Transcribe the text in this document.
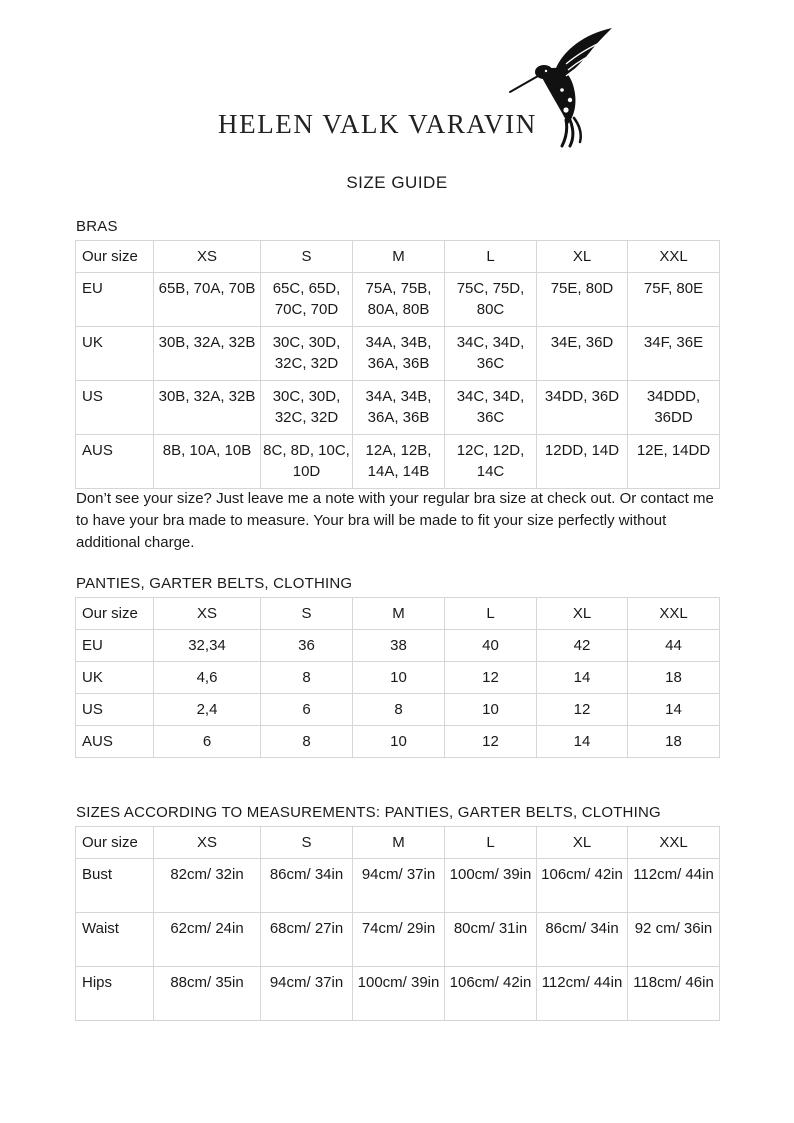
HELEN VALK VARAVIN
SIZE GUIDE
BRAS
Our size	XS	S	M	L	XL	XXL

EU	65B, 70A, 70B	65C, 65D, 70C, 70D	75A, 75B, 80A, 80B	75C, 75D, 80C	75E, 80D	75F, 80E

UK	30B, 32A, 32B	30C, 30D, 32C, 32D	34A, 34B, 36A, 36B	34C, 34D, 36C	34E, 36D	34F, 36E

US	30B, 32A, 32B	30C, 30D, 32C, 32D	34A, 34B, 36A, 36B	34C, 34D, 36C	34DD, 36D	34DDD, 36DD

AUS	8B, 10A, 10B	8C, 8D, 10C, 10D	12A, 12B, 14A, 14B	12C, 12D, 14C	12DD, 14D	12E, 14DD
Don’t see your size? Just leave me a note with your regular bra size at check out. Or contact me to have your bra made to measure. Your bra will be made to fit your size perfectly without additional charge.
PANTIES, GARTER BELTS, CLOTHING
Our size	XS	S	M	L	XL	XXL

EU	32,34	36	38	40	42	44

UK	4,6	8	10	12	14	18

US	2,4	6	8	10	12	14

AUS	6	8	10	12	14	18
SIZES ACCORDING TO MEASUREMENTS: PANTIES, GARTER BELTS, CLOTHING
Our size	XS	S	M	L	XL	XXL

Bust	82cm/ 32in	86cm/ 34in	94cm/ 37in	100cm/ 39in	106cm/ 42in	112cm/ 44in

Waist	62cm/ 24in	68cm/ 27in	74cm/ 29in	80cm/ 31in	86cm/ 34in	92 cm/ 36in

Hips	88cm/ 35in	94cm/ 37in	100cm/ 39in	106cm/ 42in	112cm/ 44in	118cm/ 46in
